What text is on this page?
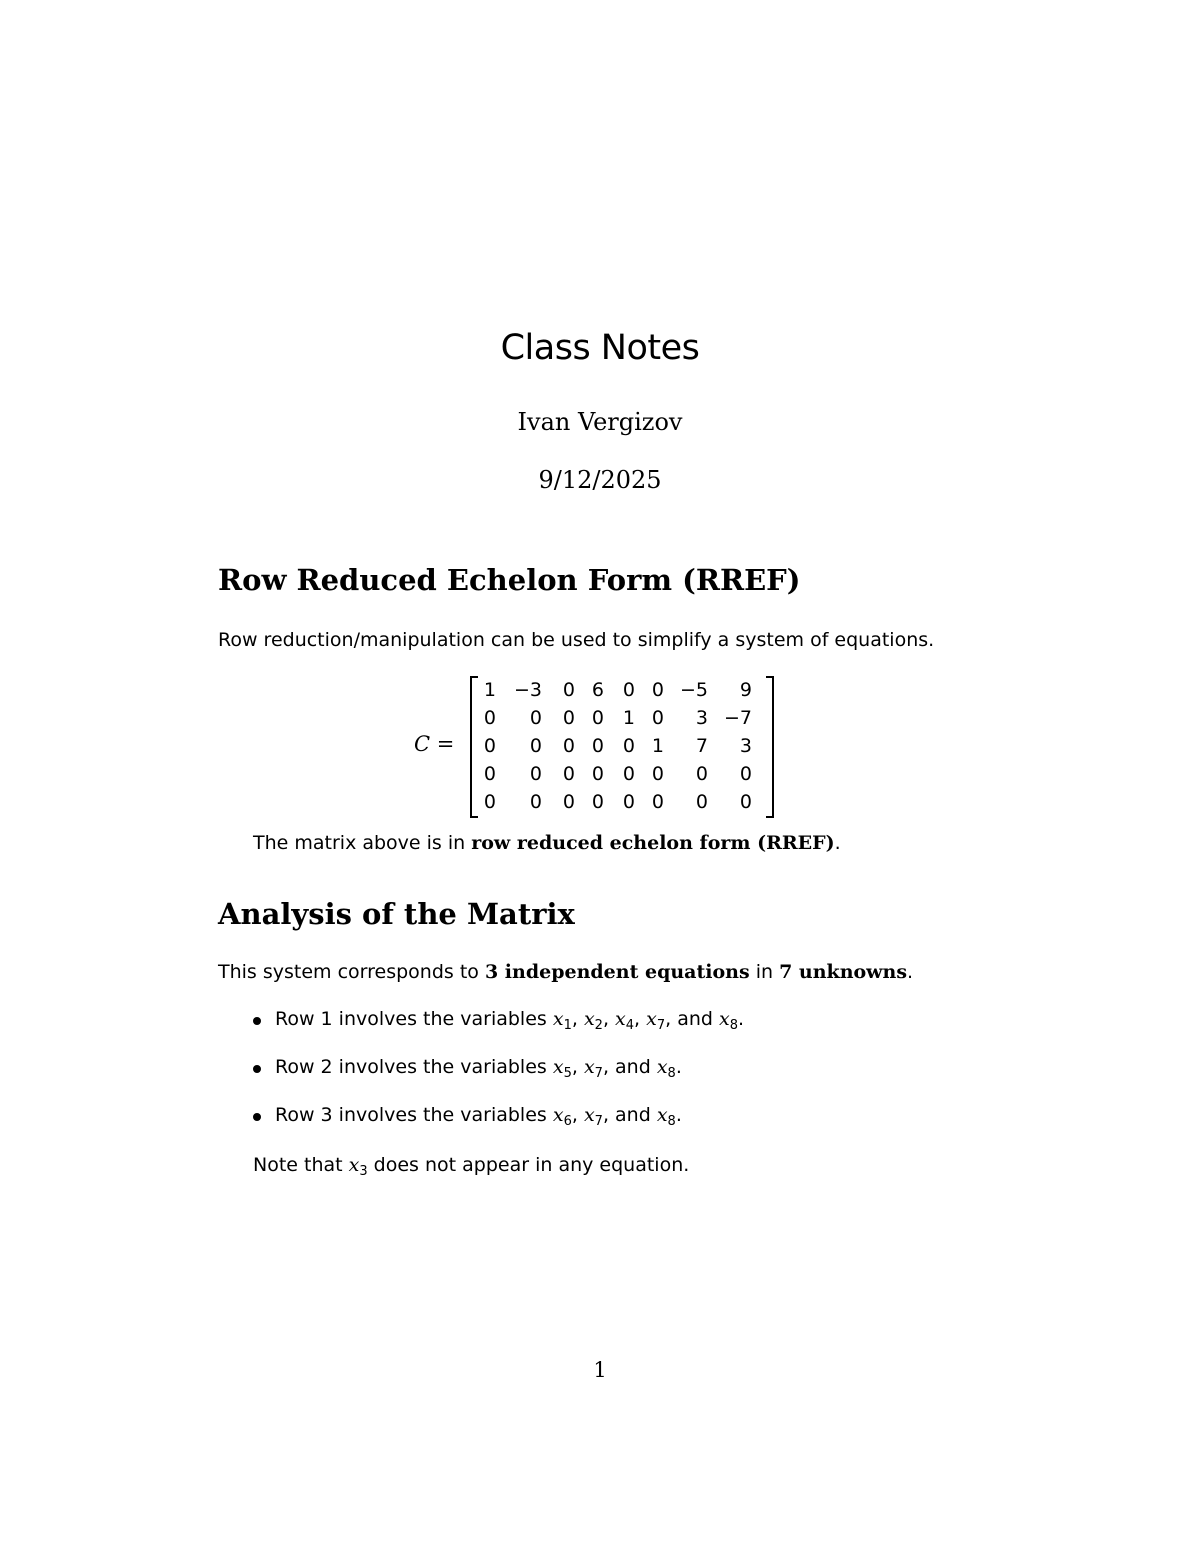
Class Notes
Ivan Vergizov
9/12/2025
Row Reduced Echelon Form (RREF)
Row reduction/manipulation can be used to simplify a system of equations.
C =
1 −3	0 6 0 0 −5	9
0	0	0 0 1 0	3 −7
0	0	0 0 0 1	7	3
0	0	0 0 0 0	0	0
0	0	0 0 0 0	0	0
The matrix above is in row reduced echelon form (RREF).
Analysis of the Matrix
This system corresponds to 3 independent equations in 7 unknowns.
Row 1 involves the variables $x_1$, $x_2$, $x_4$, $x_7$, and $x_8$.
Row 2 involves the variables $x_5$, $x_7$, and $x_8$.
Row 3 involves the variables $x_6$, $x_7$, and $x_8$.
Note that $x_3$ does not appear in any equation.
1
